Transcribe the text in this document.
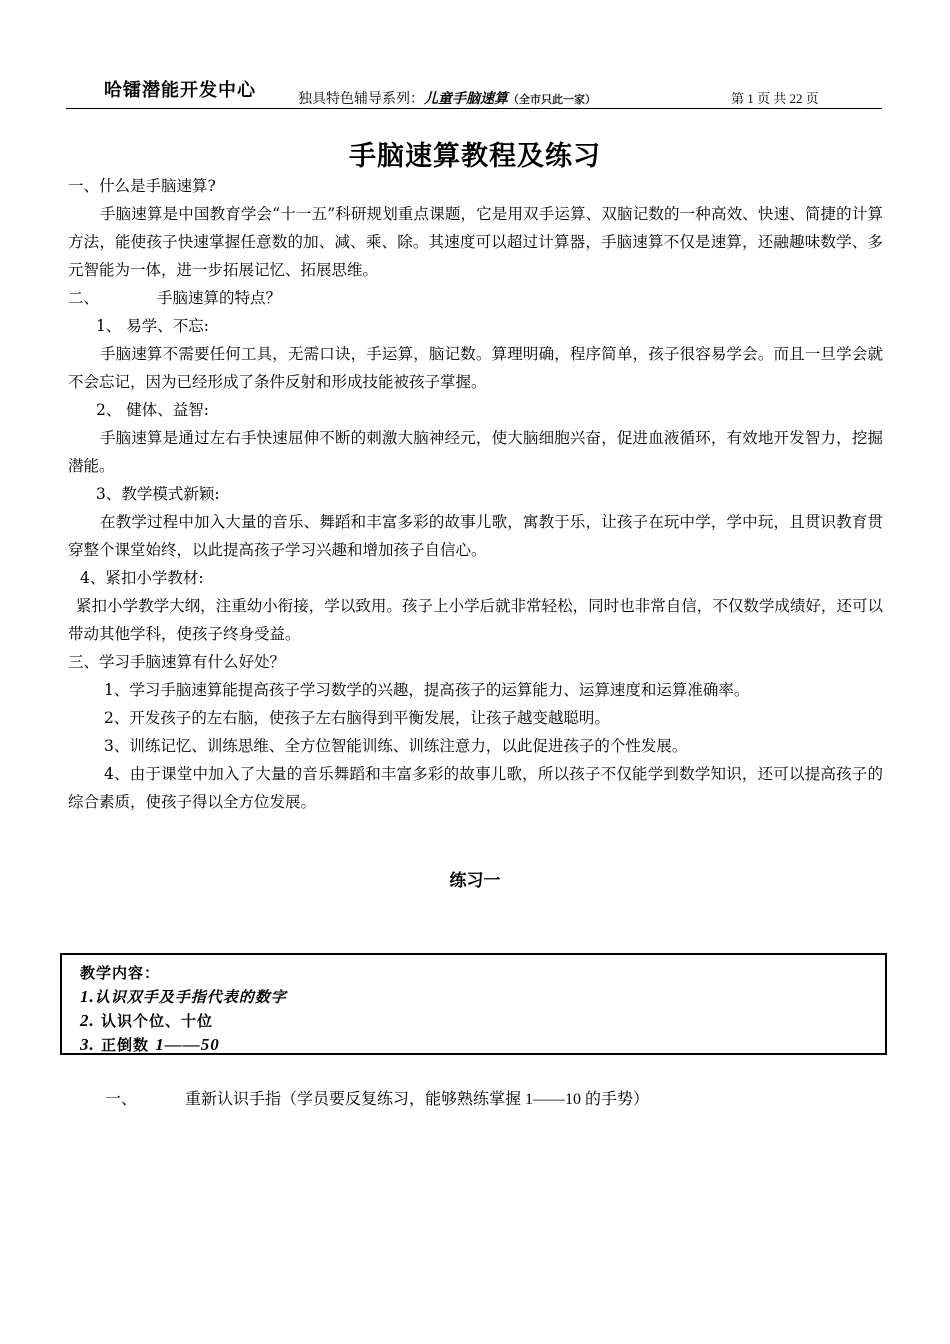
哈镭潜能开发中心	独具特色辅导系列：儿童手脑速算（全市只此一家）	第 1 页 共 22 页
手脑速算教程及练习

一、什么是手脑速算?

手脑速算是中国教育学会“十一五”科研规划重点课题，它是用双手运算、双脑记数的一种高效、快速、简捷的计算方法，能使孩子快速掌握任意数的加、减、乘、除。其速度可以超过计算器，手脑速算不仅是速算，还融趣味数学、多元智能为一体，进一步拓展记忆、拓展思维。

二、	手脑速算的特点？

1、 易学、不忘:

手脑速算不需要任何工具，无需口诀，手运算，脑记数。算理明确，程序简单，孩子很容易学会。而且一旦学会就不会忘记，因为已经形成了条件反射和形成技能被孩子掌握。

2、 健体、益智:

手脑速算是通过左右手快速屈伸不断的刺激大脑神经元，使大脑细胞兴奋，促进血液循环，有效地开发智力，挖掘潜能。

3、教学模式新颖:

在教学过程中加入大量的音乐、舞蹈和丰富多彩的故事儿歌，寓教于乐，让孩子在玩中学，学中玩，且贯识教育贯穿整个课堂始终，以此提高孩子学习兴趣和增加孩子自信心。

4、紧扣小学教材:

紧扣小学教学大纲，注重幼小衔接，学以致用。孩子上小学后就非常轻松，同时也非常自信，不仅数学成绩好，还可以带动其他学科，使孩子终身受益。

三、学习手脑速算有什么好处？

1、学习手脑速算能提高孩子学习数学的兴趣，提高孩子的运算能力、运算速度和运算准确率。

2、开发孩子的左右脑，使孩子左右脑得到平衡发展，让孩子越变越聪明。

3、训练记忆、训练思维、全方位智能训练、训练注意力，以此促进孩子的个性发展。

4、由于课堂中加入了大量的音乐舞蹈和丰富多彩的故事儿歌，所以孩子不仅能学到数学知识，还可以提高孩子的综合素质，使孩子得以全方位发展。

练习一
教学内容：
1.认识双手及手指代表的数字
2. 认识个位、十位
3. 正倒数 1——50
一、	重新认识手指（学员要反复练习，能够熟练掌握 1——10 的手势）
